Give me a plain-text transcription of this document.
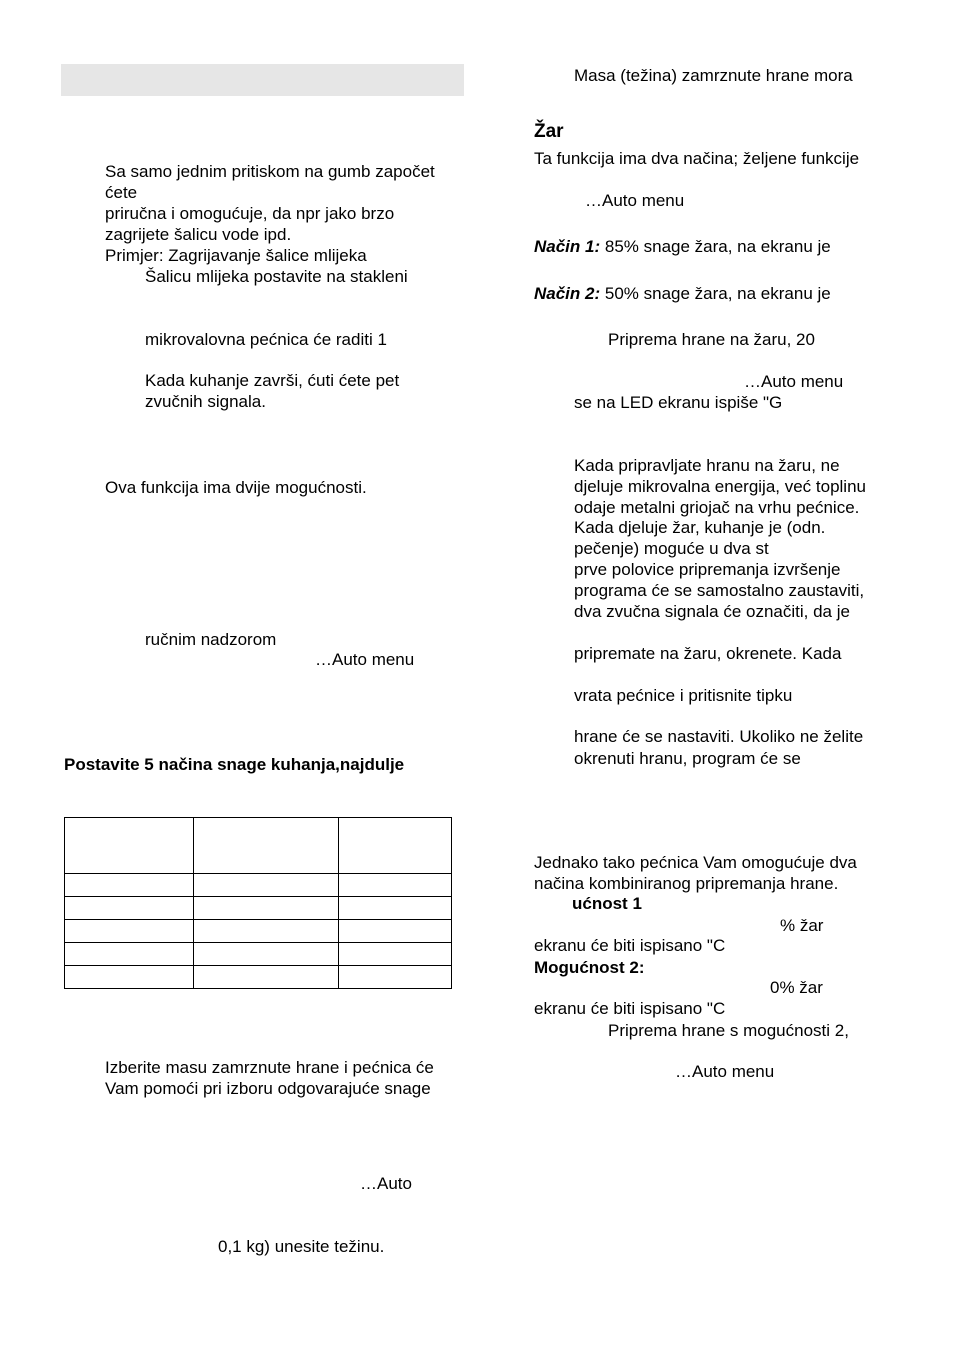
Sa samo jednim pritiskom na gumb započet
ćete
priručna i omogućuje, da npr jako brzo
zagrijete šalicu vode ipd.
Primjer: Zagrijavanje šalice mlijeka
Šalicu mlijeka postavite na stakleni
mikrovalovna pećnica će raditi 1
Kada kuhanje završi, ćuti ćete pet
zvučnih signala.
Ova funkcija ima dvije mogućnosti.
ručnim nadzorom
…Auto menu
Postavite 5 načina snage kuhanja,najdulje

Izberite masu zamrznute hrane i pećnica će
Vam pomoći pri izboru odgovarajuće snage
…Auto
0,1 kg) unesite težinu.
Masa (težina) zamrznute hrane mora
Žar
Ta funkcija ima dva načina; željene funkcije
…Auto menu
Način 1: 85% snage žara, na ekranu je
Način 2: 50% snage žara, na ekranu je
Priprema hrane na žaru, 20
…Auto menu
se na LED ekranu ispiše "G
Kada pripravljate hranu na žaru, ne
djeluje mikrovalna energija, već toplinu
odaje metalni griojač na vrhu pećnice.
Kada djeluje žar, kuhanje je (odn.
pečenje) moguće u dva st
prve polovice pripremanja izvršenje
programa će se samostalno zaustaviti,
dva zvučna signala će označiti, da je
pripremate na žaru, okrenete. Kada
vrata pećnice i pritisnite tipku
hrane će se nastaviti. Ukoliko ne želite
okrenuti hranu, program će se
Jednako tako pećnica Vam omogućuje dva
načina kombiniranog pripremanja hrane.
ućnost 1
% žar
ekranu će biti ispisano "C
Mogućnost 2:
0% žar
ekranu će biti ispisano "C
Priprema hrane s mogućnosti 2,
…Auto menu
